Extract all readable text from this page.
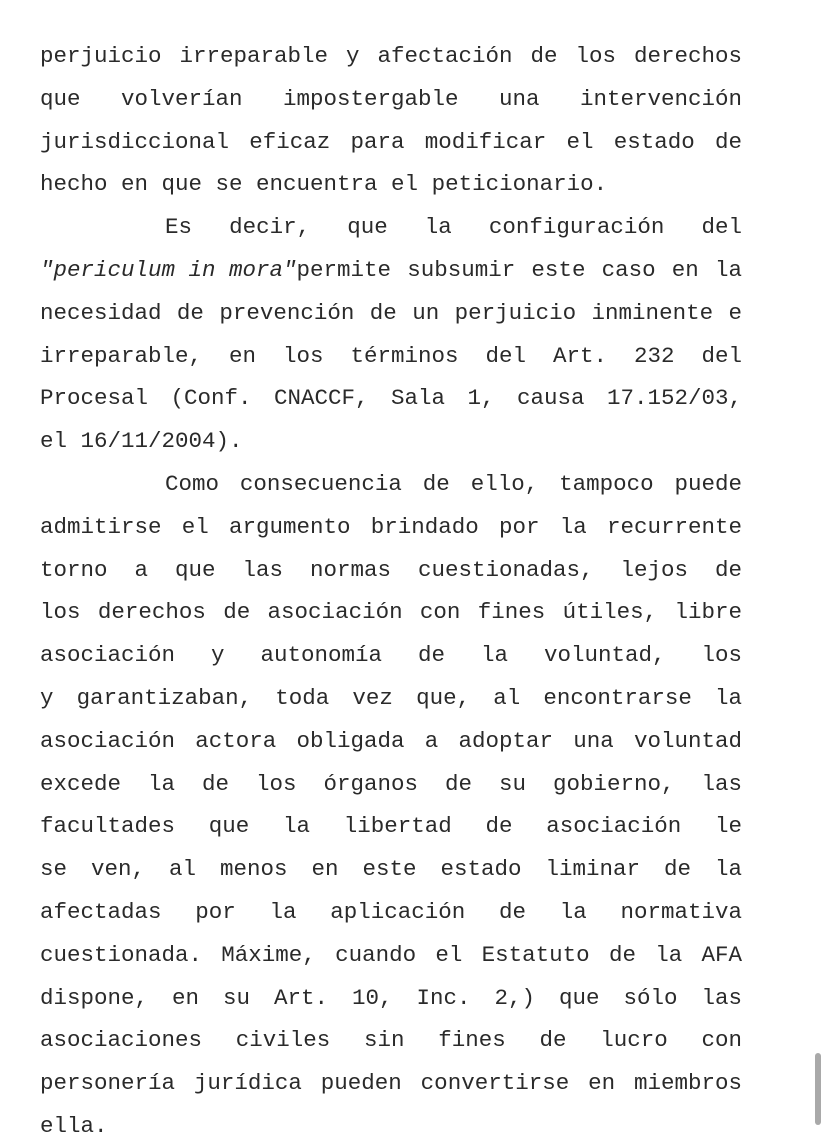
perjuicio irreparable y afectación de los derechos
que volverían impostergable una intervención
jurisdiccional eficaz para modificar el estado de
hecho en que se encuentra el peticionario.
Es decir, que la configuración del
"periculum in mora" permite subsumir este caso en la
necesidad de prevención de un perjuicio inminente e
irreparable, en los términos del Art. 232 del
Procesal (Conf. CNACCF, Sala 1, causa 17.152/03,
el 16/11/2004).
Como consecuencia de ello, tampoco puede
admitirse el argumento brindado por la recurrente
torno a que las normas cuestionadas, lejos de
los derechos de asociación con fines útiles, libre
asociación y autonomía de la voluntad, los
y garantizaban, toda vez que, al encontrarse la
asociación actora obligada a adoptar una voluntad
excede la de los órganos de su gobierno, las
facultades que la libertad de asociación le
se ven, al menos en este estado liminar de la
afectadas por la aplicación de la normativa
cuestionada. Máxime, cuando el Estatuto de la AFA
dispone, en su Art. 10, Inc. 2,) que sólo las
asociaciones civiles sin fines de lucro con
personería jurídica pueden convertirse en miembros
ella.
